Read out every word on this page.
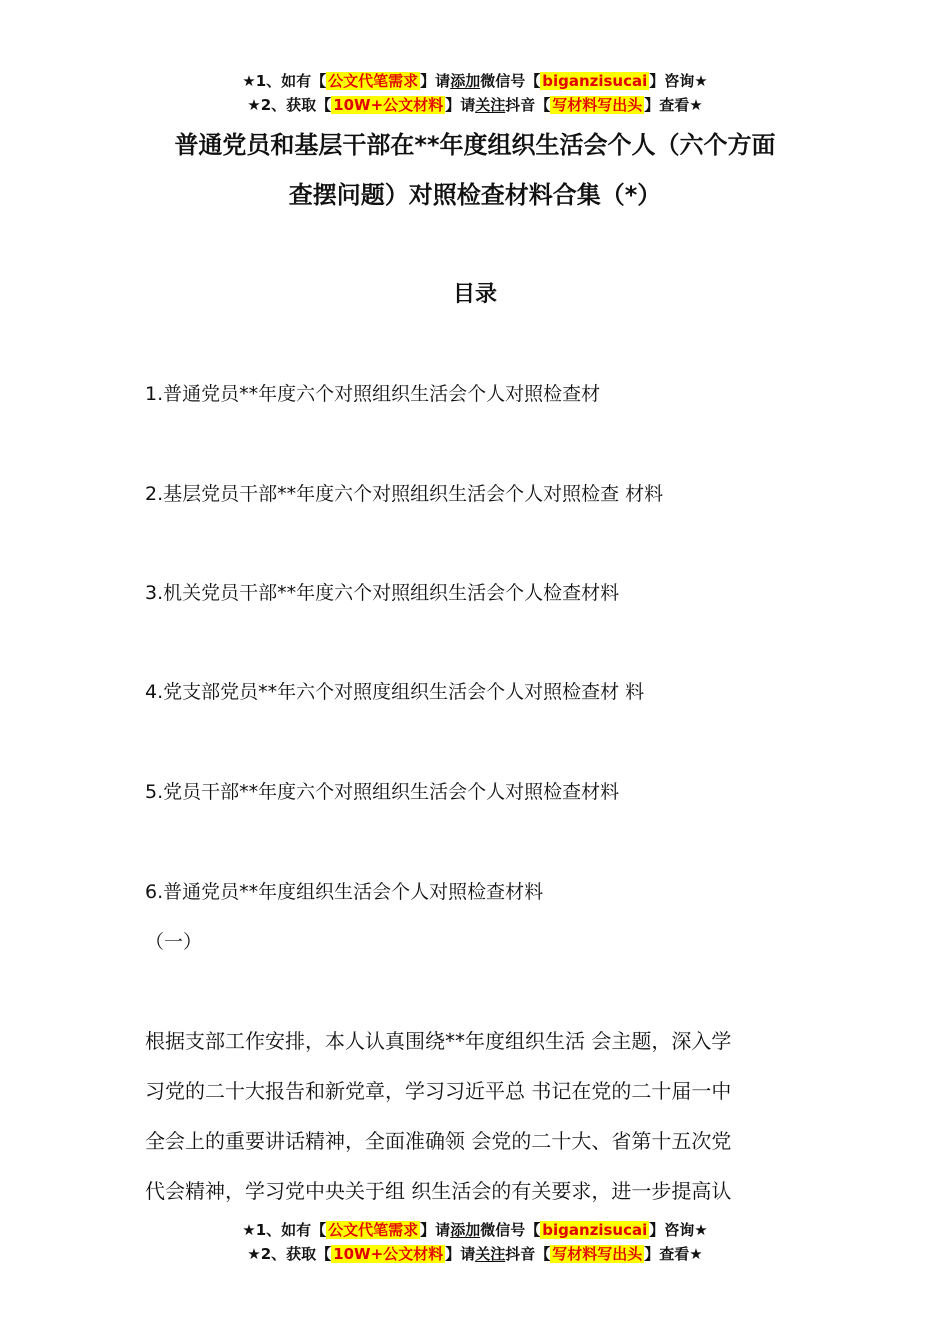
★1、如有【 公文代笔需求 】请添加微信号【 biganzisucai 】咨询★
★2、获取【 10W+公文材料 】请关注抖音【 写材料写出头 】查看★
普通党员和基层干部在**年度组织生活会个人（六个方面
查摆问题）对照检查材料合集（*）
目录
1.普通党员**年度六个对照组织生活会个人对照检查材
2.基层党员干部**年度六个对照组织生活会个人对照检查 材料
3.机关党员干部**年度六个对照组织生活会个人检查材料
4.党支部党员**年六个对照度组织生活会个人对照检查材 料
5.党员干部**年度六个对照组织生活会个人对照检查材料
6.普通党员**年度组织生活会个人对照检查材料
（一）
根据支部工作安排，本人认真围绕**年度组织生活 会主题，深入学
习党的二十大报告和新党章，学习习近平总 书记在党的二十届一中
全会上的重要讲话精神，全面准确领 会党的二十大、省第十五次党
代会精神，学习党中央关于组 织生活会的有关要求，进一步提高认
★1、如有【 公文代笔需求 】请添加微信号【 biganzisucai 】咨询★
★2、获取【 10W+公文材料 】请关注抖音【 写材料写出头 】查看★
